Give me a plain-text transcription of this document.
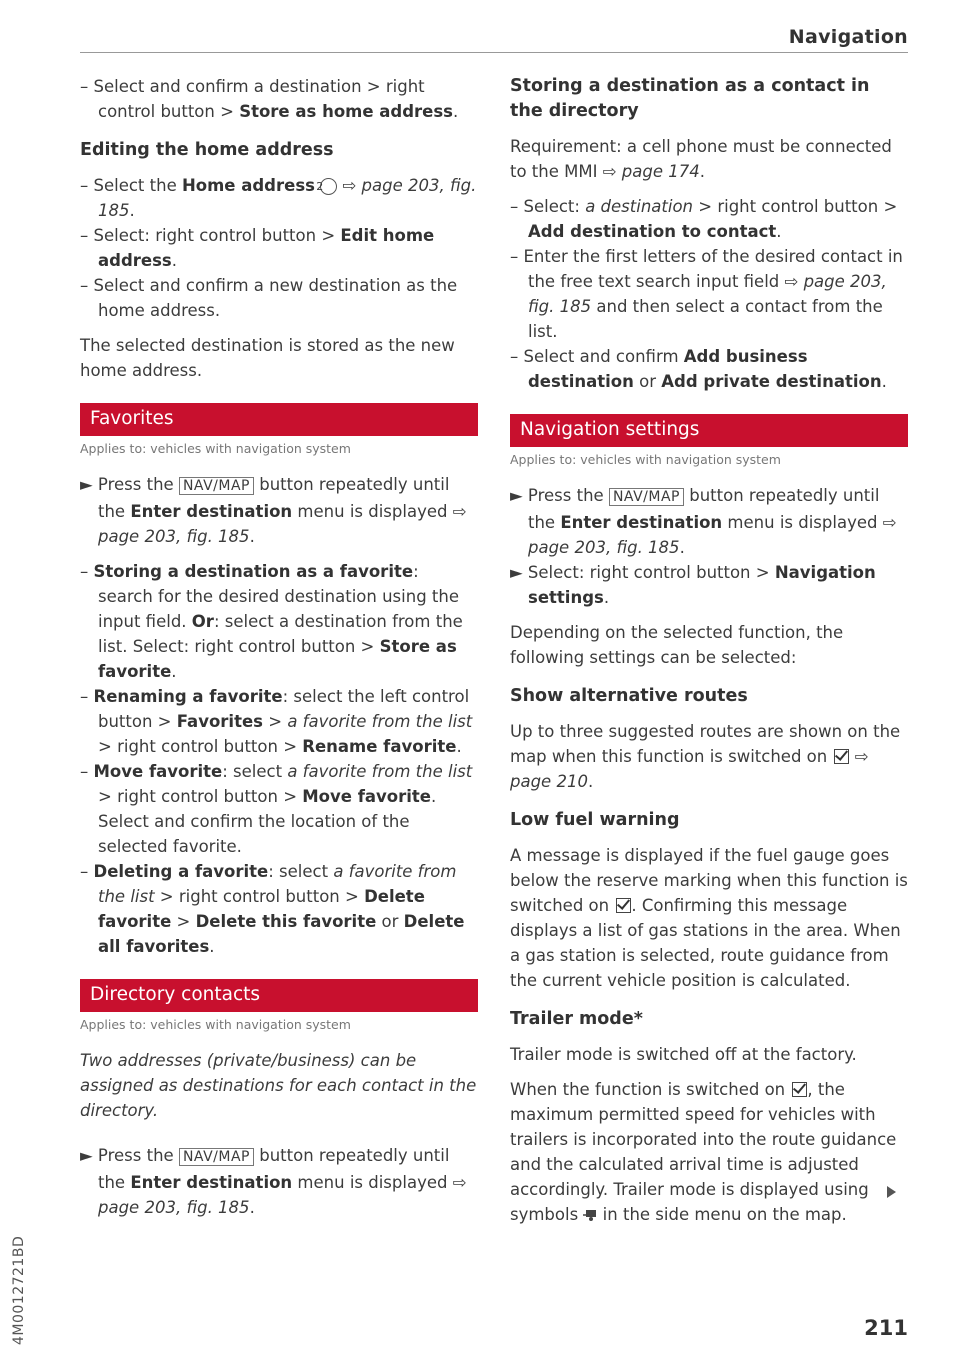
Navigation

– Select and confirm a destination > right control button > Store as home address.

Editing the home address

– Select the Home address 2 ⇨ page 203, fig. 185.

– Select: right control button > Edit home address.

– Select and confirm a new destination as the home address.

The selected destination is stored as the new home address.

Favorites
Applies to: vehicles with navigation system

► Press the NAV/MAP button repeatedly until the Enter destination menu is displayed ⇨ page 203, fig. 185.

– Storing a destination as a favorite: search for the desired destination using the input field. Or: select a destination from the list. Select: right control button > Store as favorite.

– Renaming a favorite: select the left control button > Favorites > a favorite from the list > right control button > Rename favorite.

– Move favorite: select a favorite from the list > right control button > Move favorite. Select and confirm the location of the selected favorite.

– Deleting a favorite: select a favorite from the list > right control button > Delete favorite > Delete this favorite or Delete all favorites.

Directory contacts
Applies to: vehicles with navigation system

Two addresses (private/business) can be assigned as destinations for each contact in the directory.

► Press the NAV/MAP button repeatedly until the Enter destination menu is displayed ⇨ page 203, fig. 185.

Storing a destination as a contact in the directory

Requirement: a cell phone must be connected to the MMI ⇨ page 174.

– Select: a destination > right control button > Add destination to contact.

– Enter the first letters of the desired contact in the free text search input field ⇨ page 203, fig. 185 and then select a contact from the list.

– Select and confirm Add business destination or Add private destination.

Navigation settings
Applies to: vehicles with navigation system

► Press the NAV/MAP button repeatedly until the Enter destination menu is displayed ⇨ page 203, fig. 185.

► Select: right control button > Navigation settings.

Depending on the selected function, the following settings can be selected:

Show alternative routes

Up to three suggested routes are shown on the map when this function is switched on  ⇨ page 210.

Low fuel warning

A message is displayed if the fuel gauge goes below the reserve marking when this function is switched on . Confirming this message displays a list of gas stations in the area. When a gas station is selected, route guidance from the current vehicle position is calculated.

Trailer mode*

Trailer mode is switched off at the factory.

When the function is switched on , the maximum permitted speed for vehicles with trailers is incorporated into the route guidance and the calculated arrival time is adjusted accordingly. Trailer mode is displayed using symbols  in the side menu on the map.

4M0012721BD	211
